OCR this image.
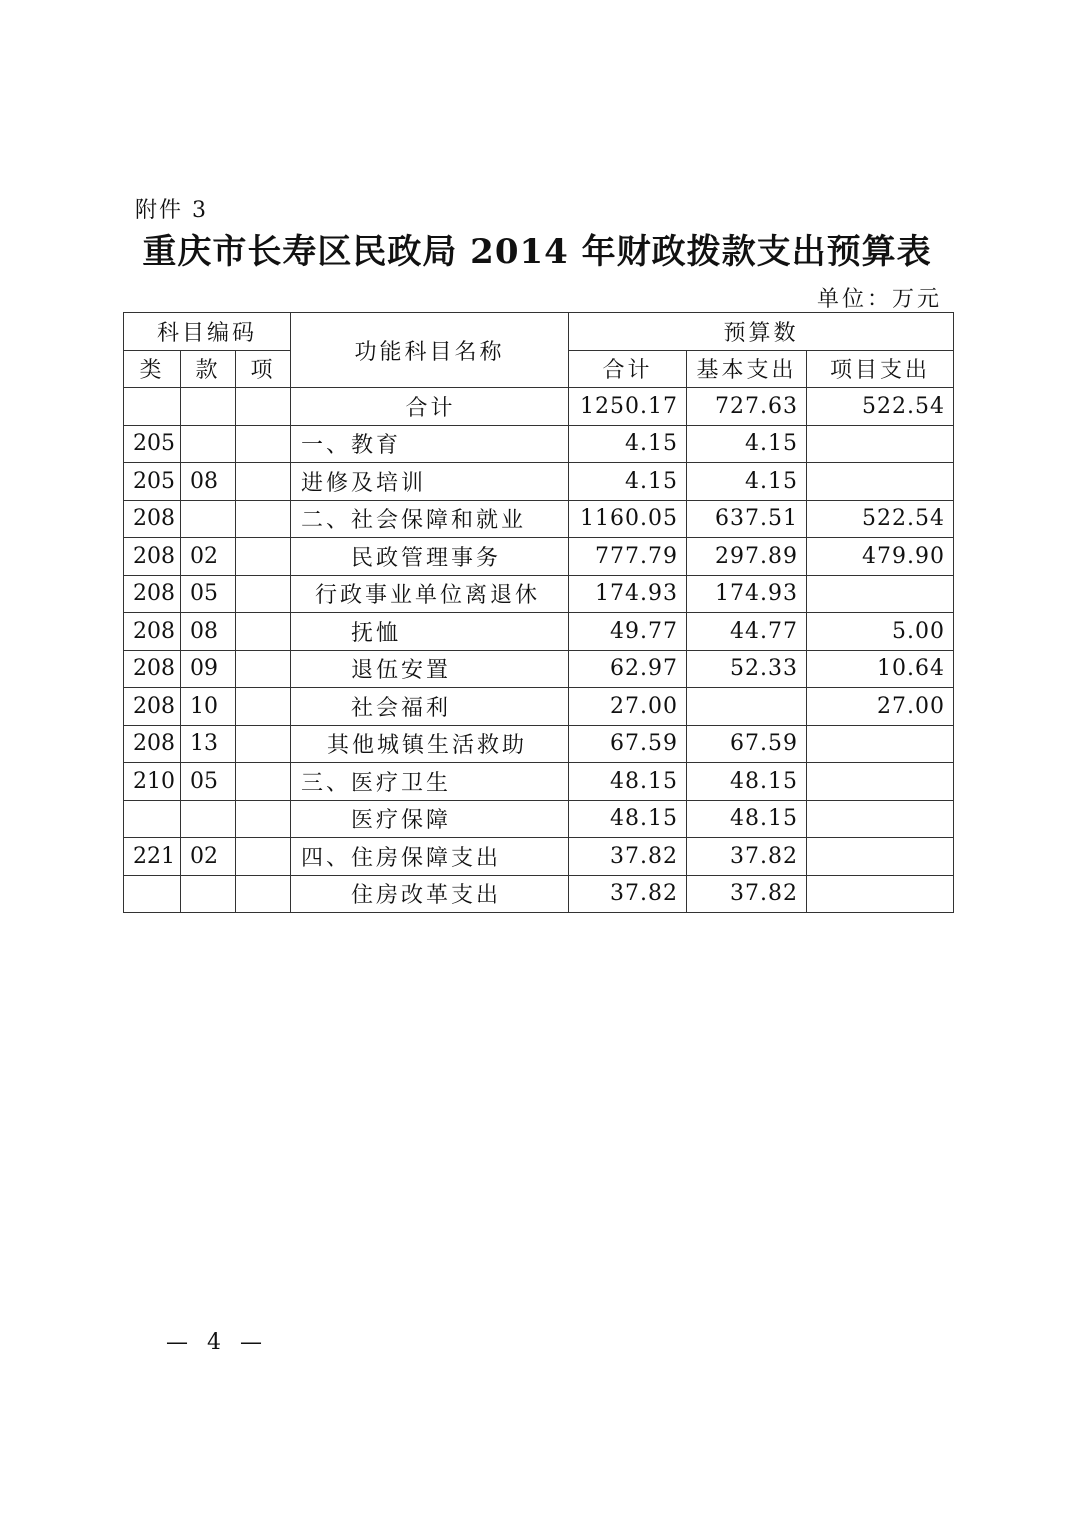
附件 3
重庆市长寿区民政局 2014 年财政拨款支出预算表
单位：万元
科目编码			功能科目名称	预算数		
类	款	项		合计	基本支出	项目支出
			合计	1250.17	727.63	522.54
205			一、教育	4.15	4.15	
205	08		进修及培训	4.15	4.15	
208			二、社会保障和就业	1160.05	637.51	522.54
208	02		民政管理事务	777.79	297.89	479.90
208	05		行政事业单位离退休	174.93	174.93	
208	08		抚恤	49.77	44.77	5.00
208	09		退伍安置	62.97	52.33	10.64
208	10		社会福利	27.00		27.00
208	13		其他城镇生活救助	67.59	67.59	
210	05		三、医疗卫生	48.15	48.15	
			医疗保障	48.15	48.15	
221	02		四、住房保障支出	37.82	37.82	
			住房改革支出	37.82	37.82	
— 4 —
